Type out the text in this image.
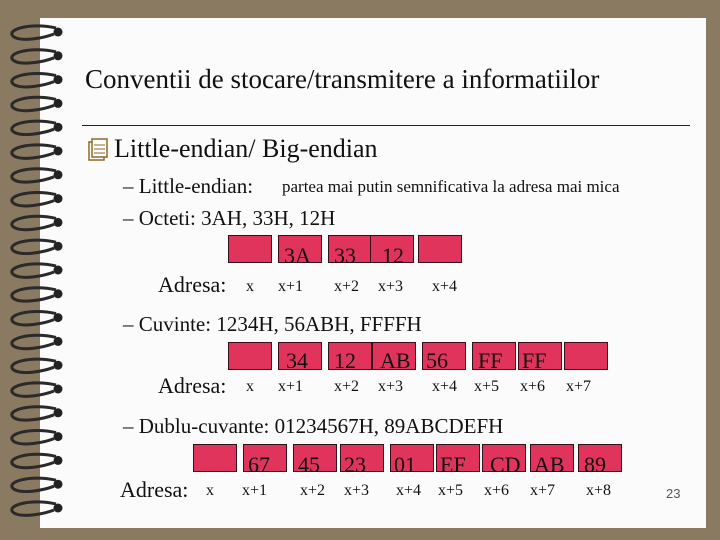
Conventii de stocare/transmitere a informatiilor
Little-endian/ Big-endian
– Little-endian: partea mai putin semnificativa la adresa mai mica
– Octeti: 3AH, 33H, 12H
– Cuvinte: 1234H, 56ABH, FFFFH
– Dublu-cuvante: 01234567H, 89ABCDEFH
3A 33 12
Adresa: x x+1 x+2 x+3 x+4
34 12 AB 56 FF FF
Adresa: x x+1 x+2 x+3 x+4 x+5 x+6 x+7
67 45 23 01 EF CD AB 89
Adresa: x x+1 x+2 x+3 x+4 x+5 x+6 x+7 x+8	23
